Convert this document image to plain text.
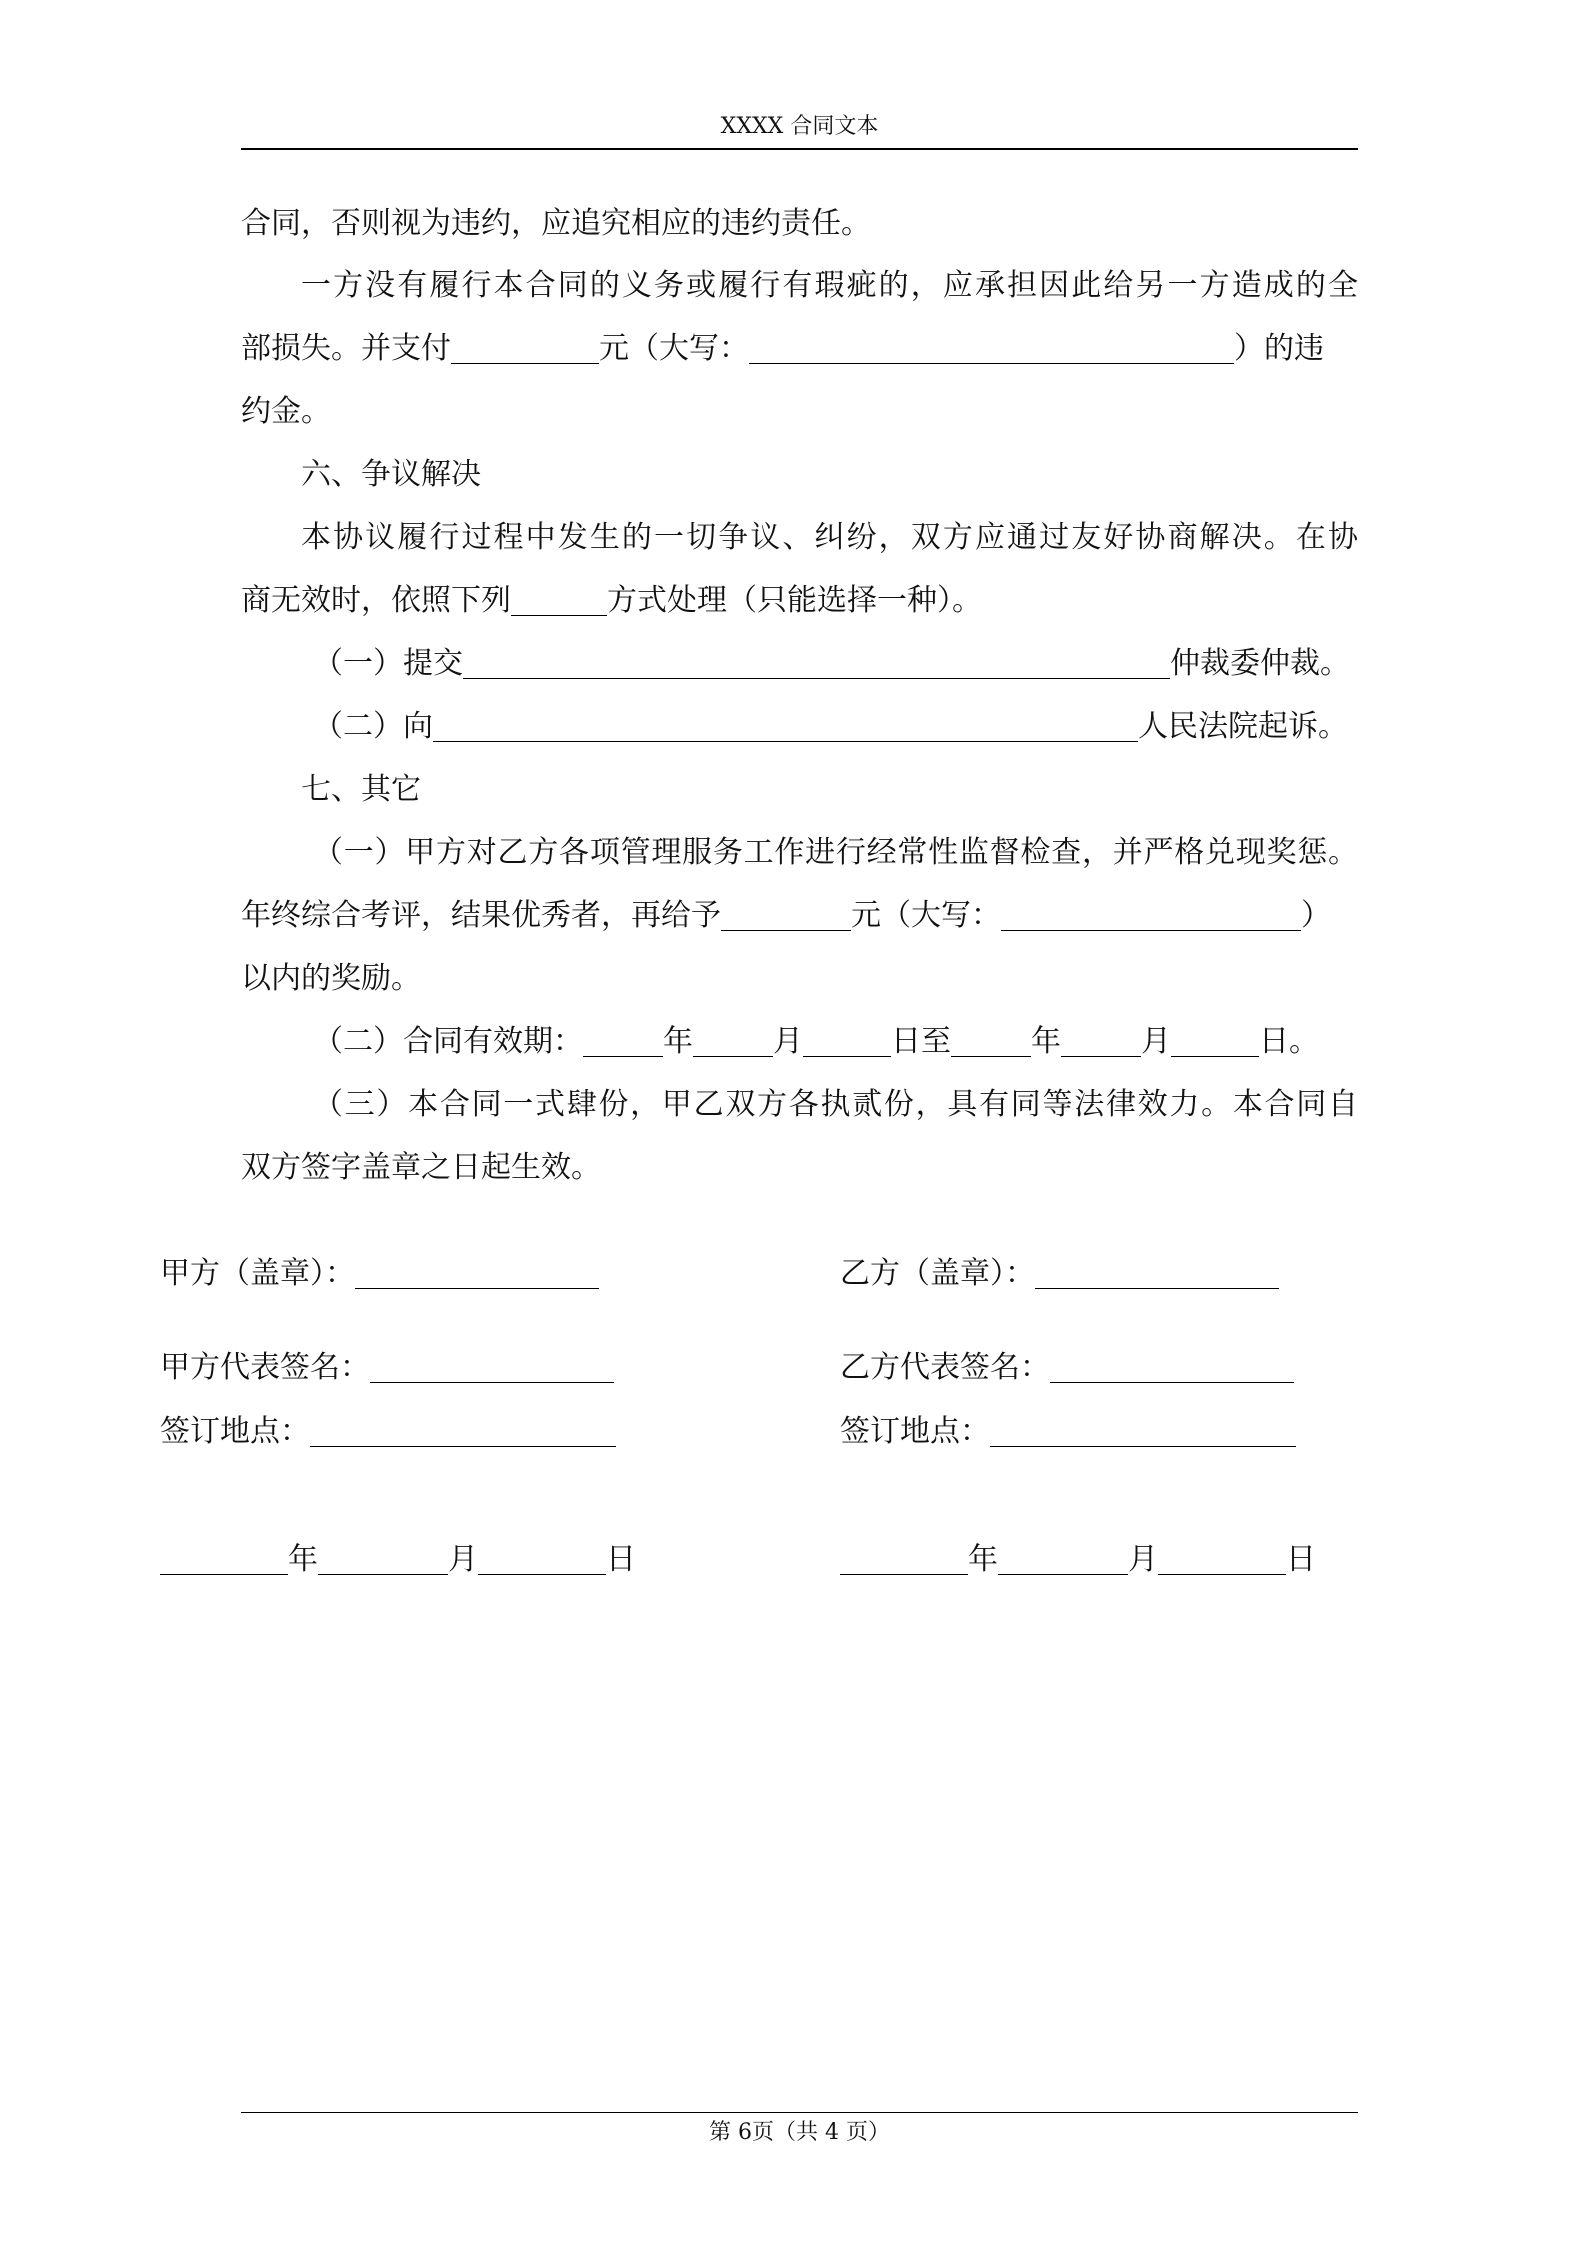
XXXX 合同文本
合同，否则视为违约，应追究相应的违约责任。
一方没有履行本合同的义务或履行有瑕疵的，应承担因此给另一方造成的全
部损失。并支付	元（大写：	）的违
约金。
六、争议解决
本协议履行过程中发生的一切争议、纠纷，双方应通过友好协商解决。在协
商无效时，依照下列	方式处理（只能选择一种）。
（一）提交	仲裁委仲裁。
（二）向	人民法院起诉。
七、其它
（一）甲方对乙方各项管理服务工作进行经常性监督检查，并严格兑现奖惩。
年终综合考评，结果优秀者，再给予	元（大写：	）
以内的奖励。
（二）合同有效期：	年	月	日至	年	月	日。
（三）本合同一式肆份，甲乙双方各执贰份，具有同等法律效力。本合同自
双方签字盖章之日起生效。
甲方（盖章）：	乙方（盖章）：
甲方代表签名：	乙方代表签名：
签订地点：	签订地点：
年	月	日	年	月	日
第 6页（共 4 页）
